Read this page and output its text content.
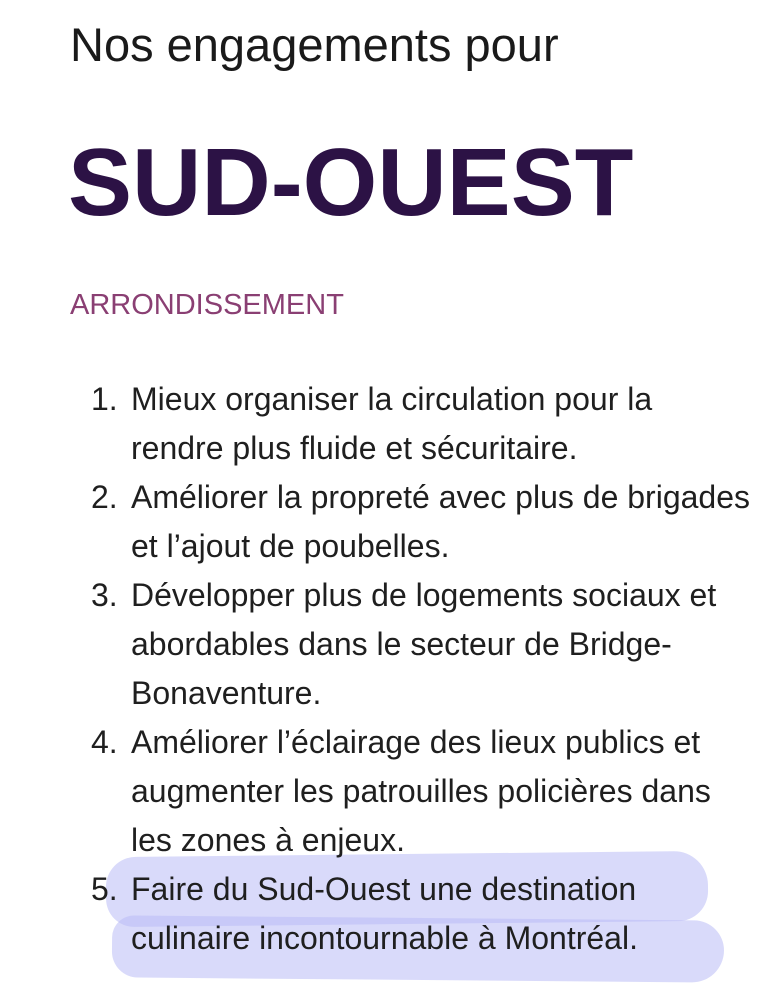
Nos engagements pour
SUD-OUEST
ARRONDISSEMENT
1. Mieux organiser la circulation pour la rendre plus fluide et sécuritaire.
2. Améliorer la propreté avec plus de brigades et l’ajout de poubelles.
3. Développer plus de logements sociaux et abordables dans le secteur de Bridge-Bonaventure.
4. Améliorer l’éclairage des lieux publics et augmenter les patrouilles policières dans les zones à enjeux.
5. Faire du Sud-Ouest une destination culinaire incontournable à Montréal.
